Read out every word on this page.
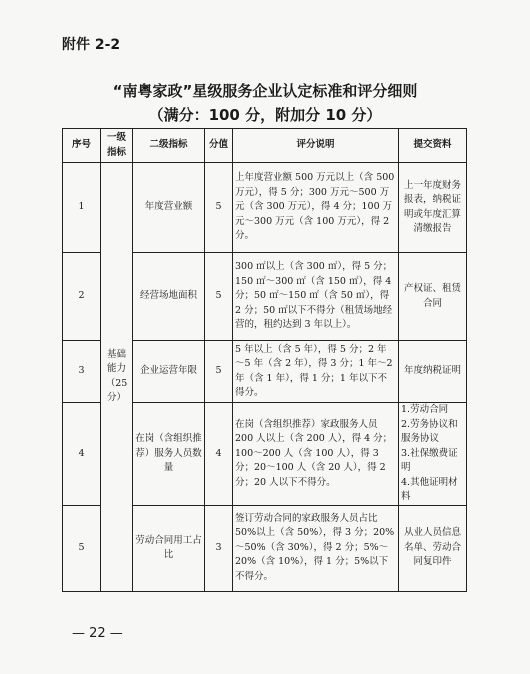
附件 2-2
“南粤家政”星级服务企业认定标准和评分细则
（满分：100 分，附加分 10 分）
序号	一级指标	二级指标	分值	评分说明	提交资料
1	基础能力（25分）	年度营业额	5	上年度营业额 500 万元以上（含 500 万元），得 5 分；300 万元～500 万元（含 300 万元），得 4 分；100 万元～300 万元（含 100 万元），得 2 分。	上一年度财务报表，纳税证明或年度汇算清缴报告
2		经营场地面积	5	300 ㎡以上（含 300 ㎡），得 5 分；150 ㎡～300 ㎡（含 150 ㎡），得 4 分；50 ㎡～150 ㎡（含 50 ㎡），得 2 分；50 ㎡以下不得分（租赁场地经营的，租约达到 3 年以上）。	产权证、租赁合同
3		企业运营年限	5	5 年以上（含 5 年），得 5 分；2 年～5 年（含 2 年），得 3 分；1 年～2 年（含 1 年），得 1 分；1 年以下不得分。	年度纳税证明
4		在岗（含组织推荐）服务人员数量	4	在岗（含组织推荐）家政服务人员 200 人以上（含 200 人），得 4 分；100～200 人（含 100 人），得 3 分；20～100 人（含 20 人），得 2 分；20 人以下不得分。	1.劳动合同
2.劳务协议和服务协议
3.社保缴费证明
4.其他证明材料
5		劳动合同用工占比	3	签订劳动合同的家政服务人员占比 50%以上（含 50%），得 3 分；20%～50%（含 30%），得 2 分；5%～20%（含 10%），得 1 分；5%以下不得分。	从业人员信息名单、劳动合同复印件
— 22 —
